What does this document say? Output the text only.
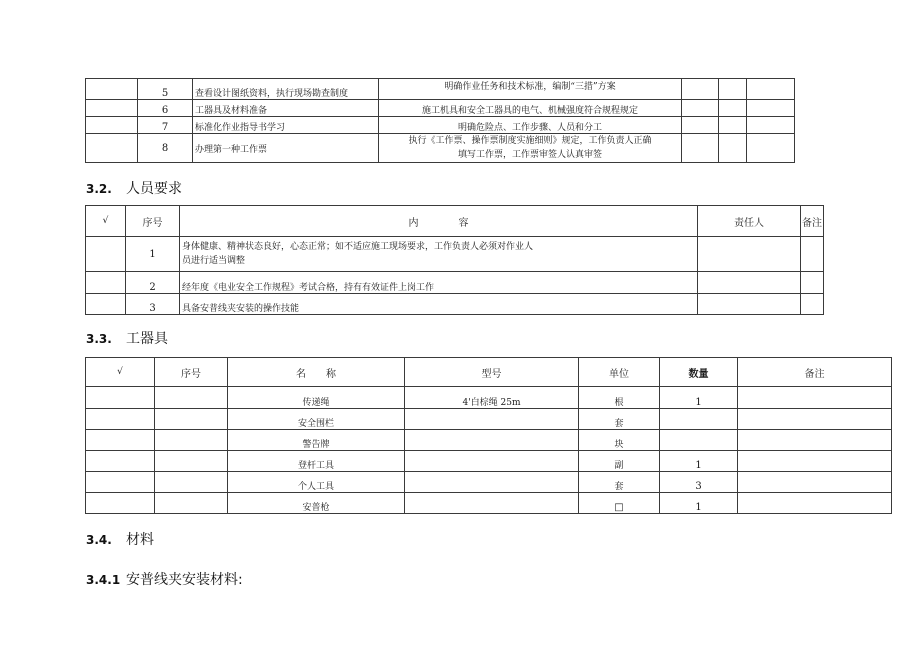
	5	查看设计图纸资料，执行现场勘查制度	明确作业任务和技术标准，编制“三措”方案			
	6	工器具及材料准备	施工机具和安全工器具的电气、机械强度符合规程规定			
	7	标准化作业指导书学习	明确危险点、工作步骤、人员和分工			
	8	办理第一种工作票	执行《工作票、操作票制度实施细则》规定，工作负责人正确
填写工作票，工作票审签人认真审签			

3.2. 人员要求
√	序号	内　　　　容	责任人	备注
	1	身体健康、精神状态良好，心态正常；如不适应施工现场要求，工作负责人必须对作业人
员进行适当调整		

	2	经年度《电业安全工作规程》考试合格，持有有效证件上岗工作		
	3	具备安普线夹安装的操作技能		
3.3. 工器具
√	序号	名　　称	型号	单位	数量	备注
		传递绳	4'白棕绳 25m	根	1	
		安全围栏		套		
		警告牌		块		
		登杆工具		副	1	
		个人工具		套	3	
		安普枪		□	1	
3.4. 材料
3.4.1 安普线夹安装材料:
